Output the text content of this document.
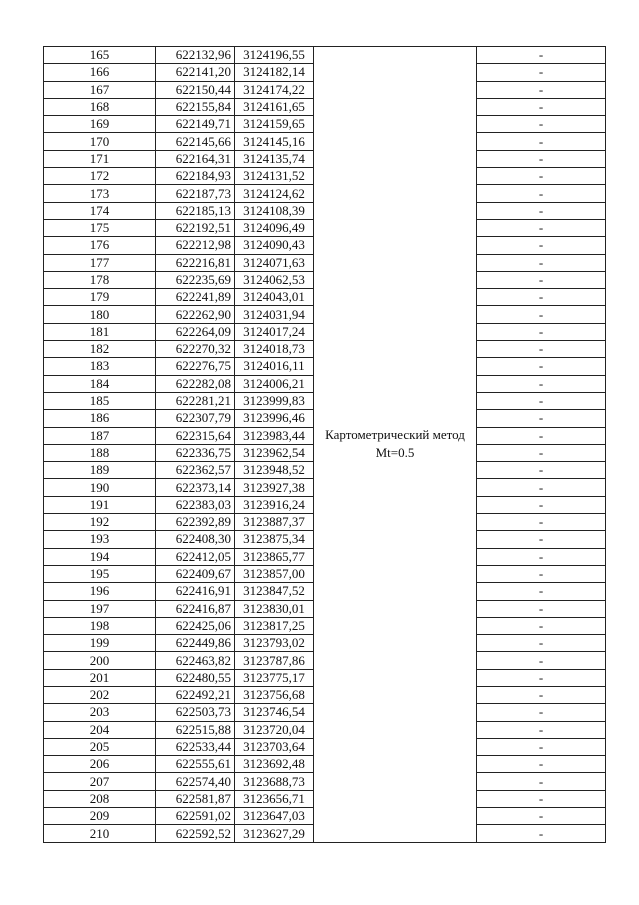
165	622132,96	3124196,55	Картометрический метод Mt=0.5	-
166	622141,20	3124182,14		-
167	622150,44	3124174,22		-
168	622155,84	3124161,65		-
169	622149,71	3124159,65		-
170	622145,66	3124145,16		-
171	622164,31	3124135,74		-
172	622184,93	3124131,52		-
173	622187,73	3124124,62		-
174	622185,13	3124108,39		-
175	622192,51	3124096,49		-
176	622212,98	3124090,43		-
177	622216,81	3124071,63		-
178	622235,69	3124062,53		-
179	622241,89	3124043,01		-
180	622262,90	3124031,94		-
181	622264,09	3124017,24		-
182	622270,32	3124018,73		-
183	622276,75	3124016,11		-
184	622282,08	3124006,21		-
185	622281,21	3123999,83		-
186	622307,79	3123996,46		-
187	622315,64	3123983,44		-
188	622336,75	3123962,54		-
189	622362,57	3123948,52		-
190	622373,14	3123927,38		-
191	622383,03	3123916,24		-
192	622392,89	3123887,37		-
193	622408,30	3123875,34		-
194	622412,05	3123865,77		-
195	622409,67	3123857,00		-
196	622416,91	3123847,52		-
197	622416,87	3123830,01		-
198	622425,06	3123817,25		-
199	622449,86	3123793,02		-
200	622463,82	3123787,86		-
201	622480,55	3123775,17		-
202	622492,21	3123756,68		-
203	622503,73	3123746,54		-
204	622515,88	3123720,04		-
205	622533,44	3123703,64		-
206	622555,61	3123692,48		-
207	622574,40	3123688,73		-
208	622581,87	3123656,71		-
209	622591,02	3123647,03		-
210	622592,52	3123627,29		-
